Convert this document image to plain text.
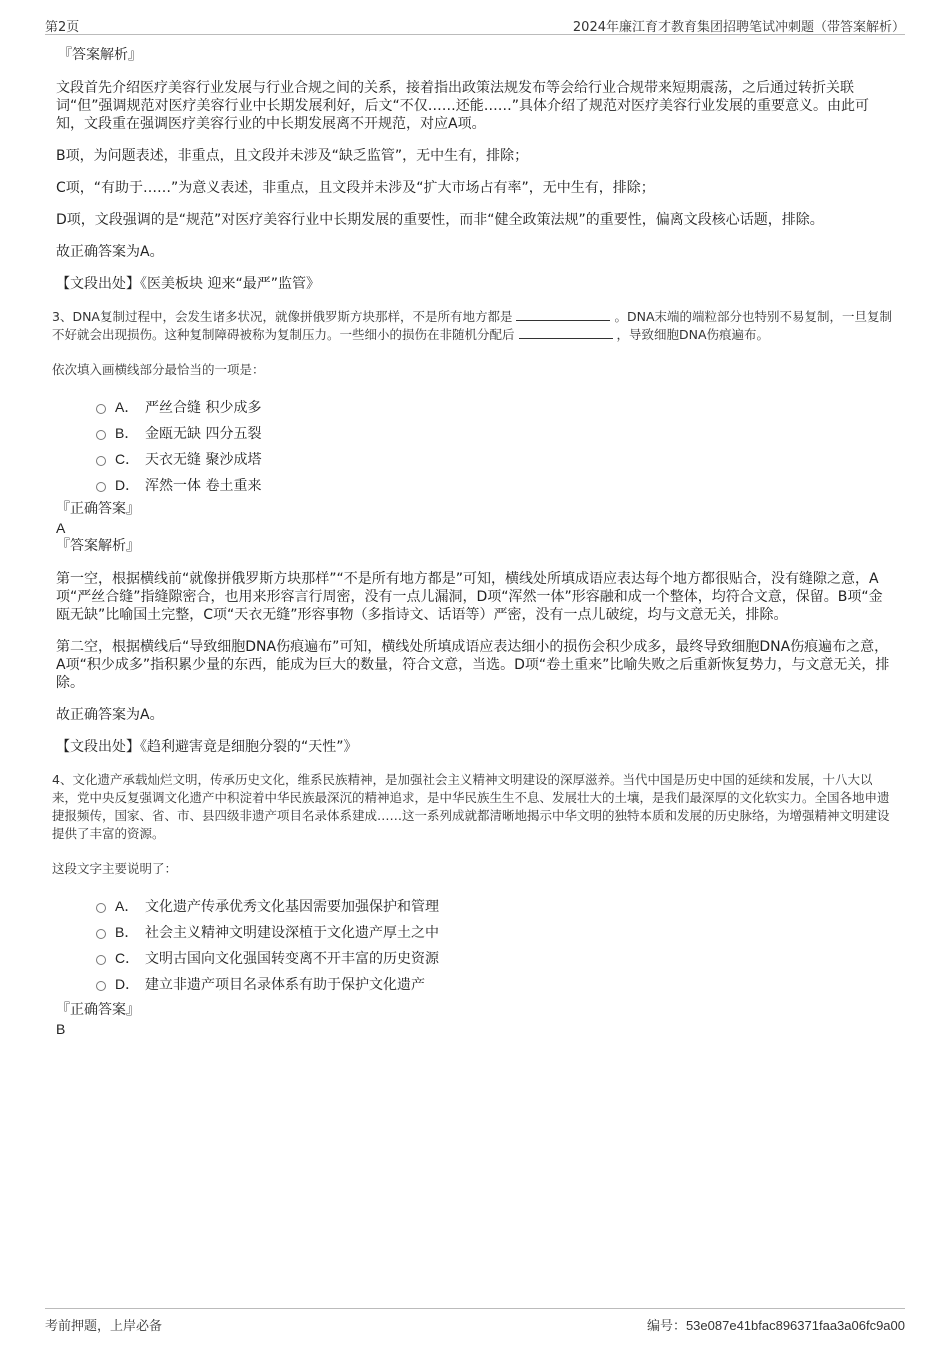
第2页	2024年廉江育才教育集团招聘笔试冲刺题（带答案解析）
『答案解析』

文段首先介绍医疗美容行业发展与行业合规之间的关系，接着指出政策法规发布等会给行业合规带来短期震荡，之后通过转折关联词“但”强调规范对医疗美容行业中长期发展利好，后文“不仅……还能……”具体介绍了规范对医疗美容行业发展的重要意义。由此可知，文段重在强调医疗美容行业的中长期发展离不开规范，对应A项。

B项，为问题表述，非重点，且文段并未涉及“缺乏监管”，无中生有，排除；

C项，“有助于……”为意义表述，非重点，且文段并未涉及“扩大市场占有率”，无中生有，排除；

D项，文段强调的是“规范”对医疗美容行业中长期发展的重要性，而非“健全政策法规”的重要性，偏离文段核心话题，排除。

故正确答案为A。

【文段出处】《医美板块 迎来“最严”监管》

3、DNA复制过程中，会发生诸多状况，就像拼俄罗斯方块那样，不是所有地方都是	。DNA末端的端粒部分也特别不易复制，一旦复制不好就会出现损伤。这种复制障碍被称为复制压力。一些细小的损伤在非随机分配后	，导致细胞DNA伤痕遍布。

依次填入画横线部分最恰当的一项是：
A． 严丝合缝 积少成多
B． 金瓯无缺 四分五裂
C． 天衣无缝 聚沙成塔
D． 浑然一体 卷土重来
『正确答案』
A
『答案解析』

第一空，根据横线前“就像拼俄罗斯方块那样”“不是所有地方都是”可知，横线处所填成语应表达每个地方都很贴合，没有缝隙之意，A项“严丝合缝”指缝隙密合，也用来形容言行周密，没有一点儿漏洞，D项“浑然一体”形容融和成一个整体，均符合文意，保留。B项“金瓯无缺”比喻国土完整，C项“天衣无缝”形容事物（多指诗文、话语等）严密，没有一点儿破绽，均与文意无关，排除。

第二空，根据横线后“导致细胞DNA伤痕遍布”可知，横线处所填成语应表达细小的损伤会积少成多，最终导致细胞DNA伤痕遍布之意，A项“积少成多”指积累少量的东西，能成为巨大的数量，符合文意，当选。D项“卷土重来”比喻失败之后重新恢复势力，与文意无关，排除。

故正确答案为A。

【文段出处】《趋利避害竟是细胞分裂的“天性”》

4、文化遗产承载灿烂文明，传承历史文化，维系民族精神，是加强社会主义精神文明建设的深厚滋养。当代中国是历史中国的延续和发展，十八大以来，党中央反复强调文化遗产中积淀着中华民族最深沉的精神追求，是中华民族生生不息、发展壮大的土壤，是我们最深厚的文化软实力。全国各地申遗捷报频传，国家、省、市、县四级非遗产项目名录体系建成……这一系列成就都清晰地揭示中华文明的独特本质和发展的历史脉络，为增强精神文明建设提供了丰富的资源。

这段文字主要说明了：
A． 文化遗产传承优秀文化基因需要加强保护和管理
B． 社会主义精神文明建设深植于文化遗产厚土之中
C． 文明古国向文化强国转变离不开丰富的历史资源
D． 建立非遗产项目名录体系有助于保护文化遗产
『正确答案』
B
考前押题，上岸必备	编号：53e087e41bfac896371faa3a06fc9a00
